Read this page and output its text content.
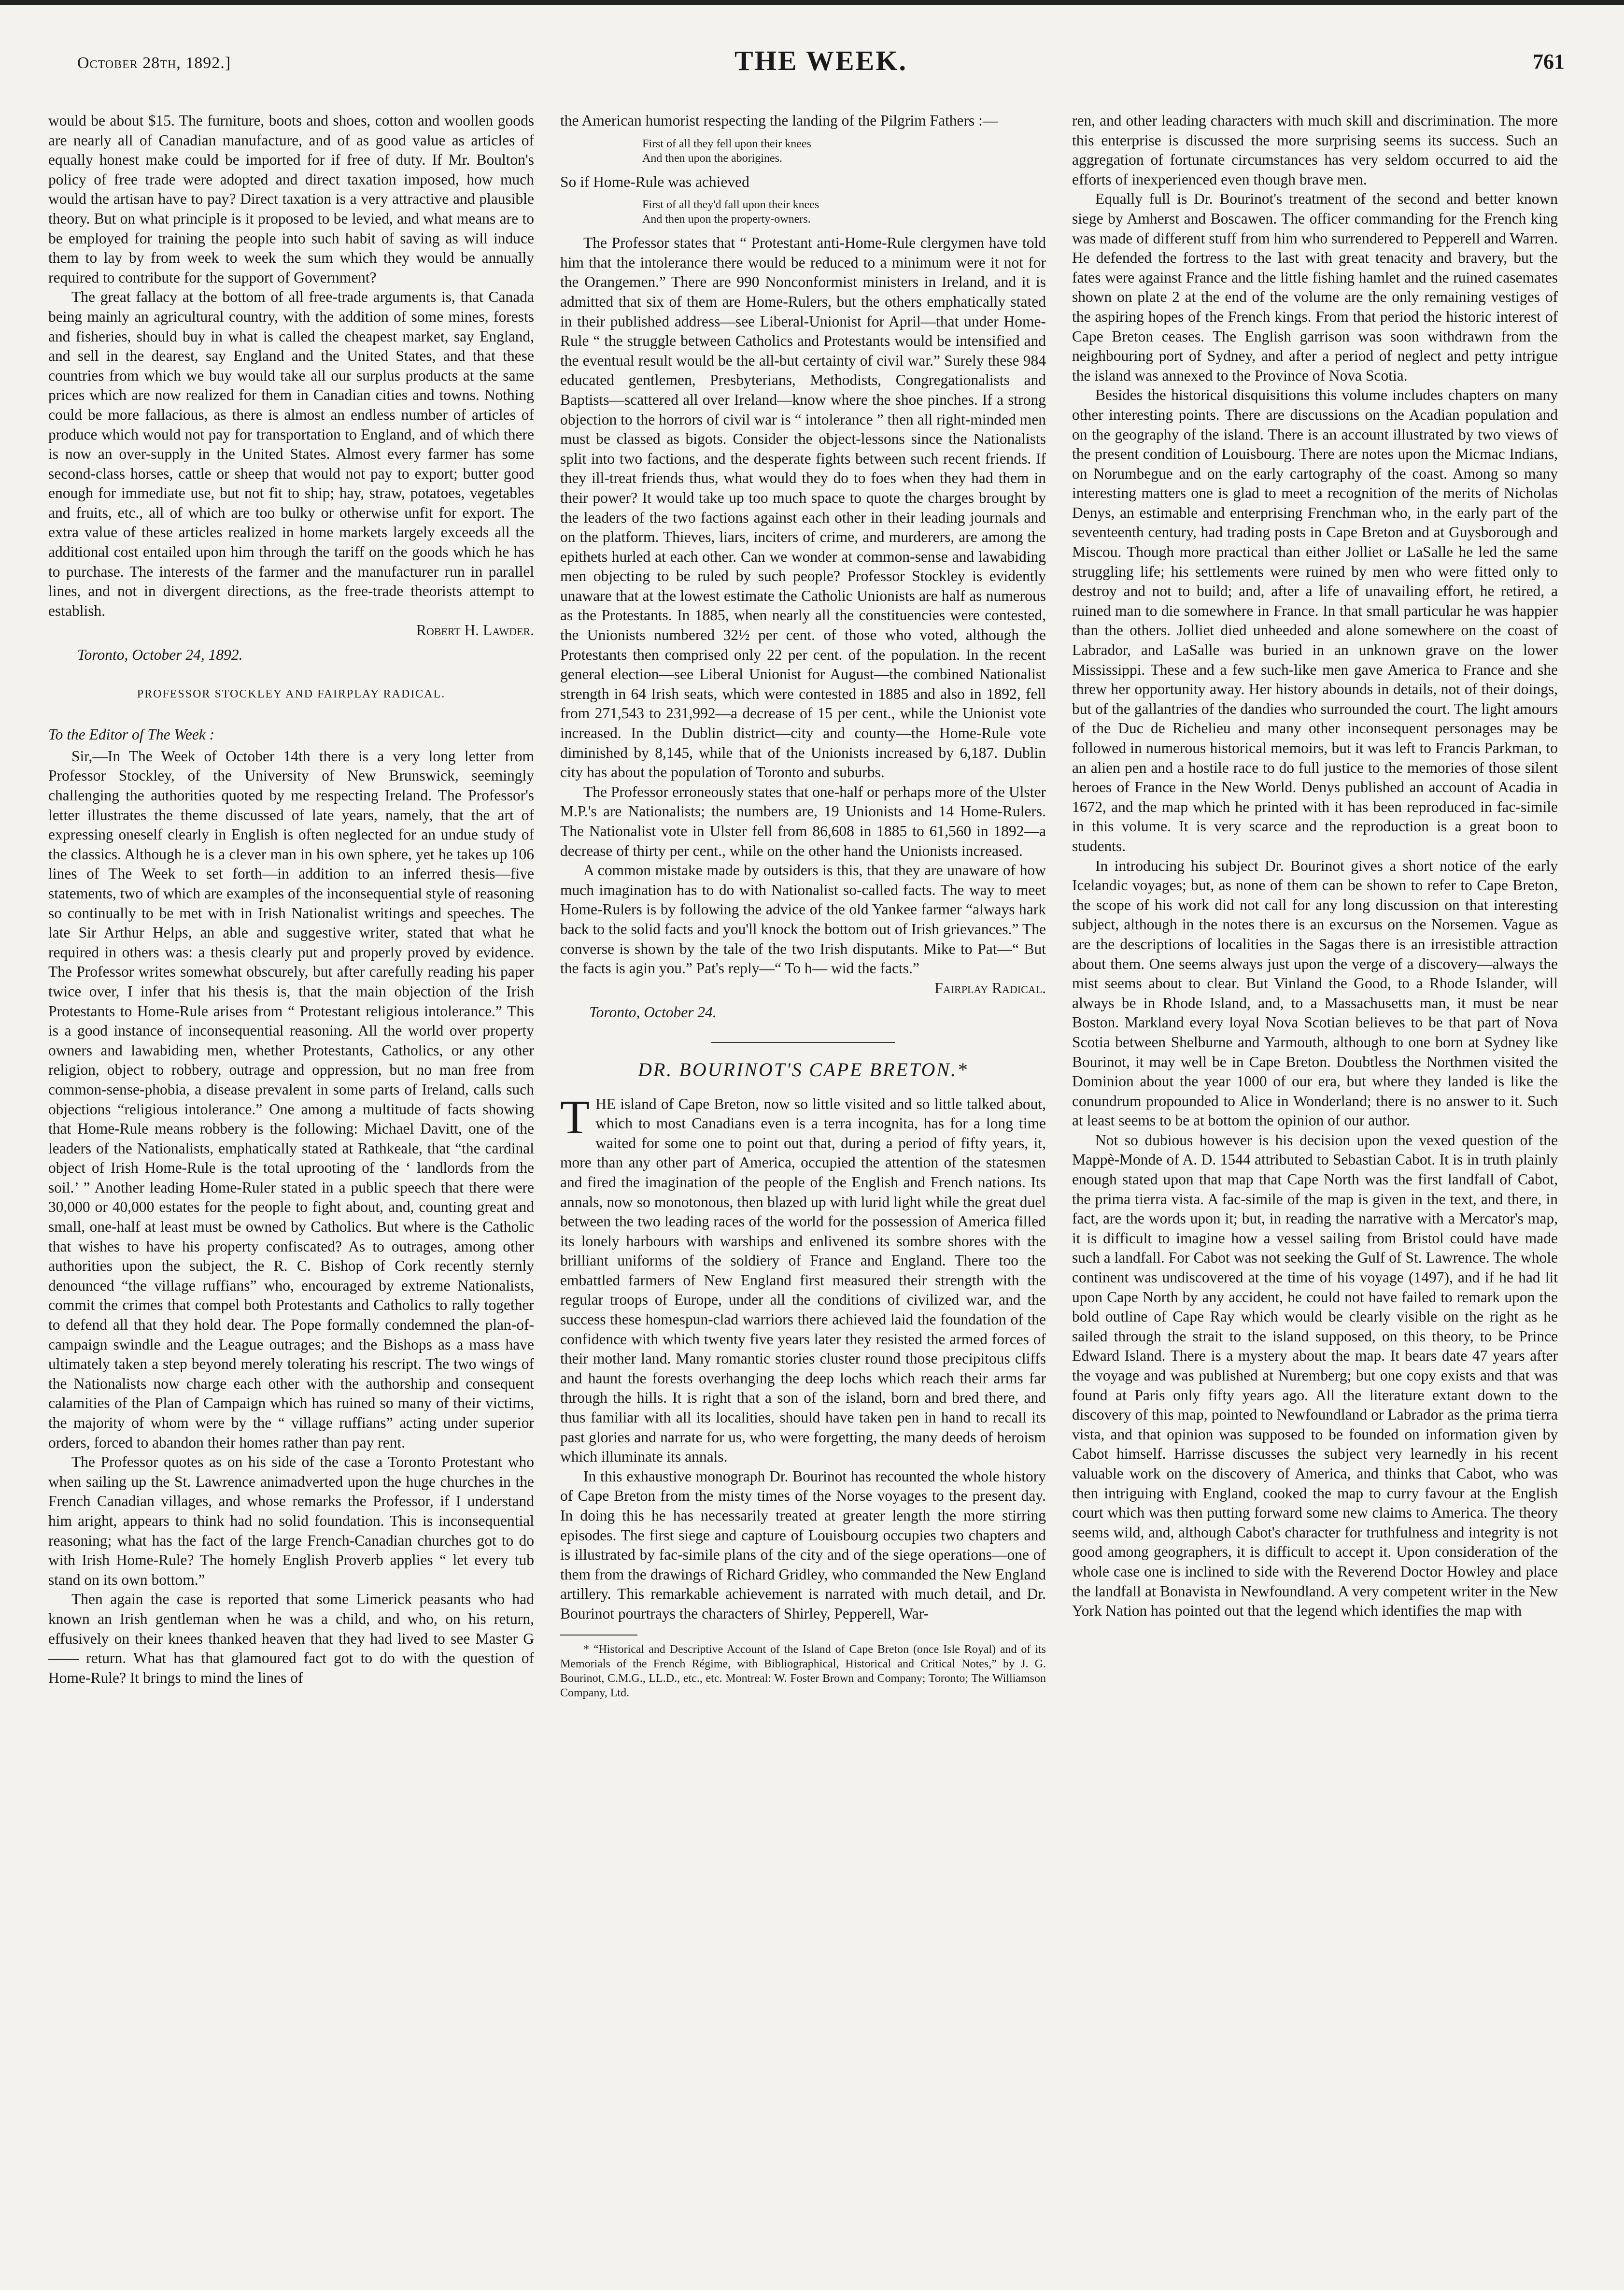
October 28th, 1892.]	THE WEEK.	761

would be about $15. The furniture, boots and shoes, cotton and woollen goods are nearly all of Canadian manufacture, and of as good value as articles of equally honest make could be imported for if free of duty. If Mr. Boulton's policy of free trade were adopted and direct taxation imposed, how much would the artisan have to pay? Direct taxation is a very attractive and plausible theory. But on what principle is it proposed to be levied, and what means are to be employed for training the people into such habit of saving as will induce them to lay by from week to week the sum which they would be annually required to contribute for the support of Government?

The great fallacy at the bottom of all free-trade arguments is, that Canada being mainly an agricultural country, with the addition of some mines, forests and fisheries, should buy in what is called the cheapest market, say England, and sell in the dearest, say England and the United States, and that these countries from which we buy would take all our surplus products at the same prices which are now realized for them in Canadian cities and towns. Nothing could be more fallacious, as there is almost an endless number of articles of produce which would not pay for transportation to England, and of which there is now an over-supply in the United States. Almost every farmer has some second-class horses, cattle or sheep that would not pay to export; butter good enough for immediate use, but not fit to ship; hay, straw, potatoes, vegetables and fruits, etc., all of which are too bulky or otherwise unfit for export. The extra value of these articles realized in home markets largely exceeds all the additional cost entailed upon him through the tariff on the goods which he has to purchase. The interests of the farmer and the manufacturer run in parallel lines, and not in divergent directions, as the free-trade theorists attempt to establish.

Robert H. Lawder.

Toronto, October 24, 1892.

PROFESSOR STOCKLEY AND FAIRPLAY RADICAL.

To the Editor of The Week :

Sir,—In The Week of October 14th there is a very long letter from Professor Stockley, of the University of New Brunswick, seemingly challenging the authorities quoted by me respecting Ireland. The Professor's letter illustrates the theme discussed of late years, namely, that the art of expressing oneself clearly in English is often neglected for an undue study of the classics. Although he is a clever man in his own sphere, yet he takes up 106 lines of The Week to set forth—in addition to an inferred thesis—five statements, two of which are examples of the inconsequential style of reasoning so continually to be met with in Irish Nationalist writings and speeches. The late Sir Arthur Helps, an able and suggestive writer, stated that what he required in others was: a thesis clearly put and properly proved by evidence. The Professor writes somewhat obscurely, but after carefully reading his paper twice over, I infer that his thesis is, that the main objection of the Irish Protestants to Home-Rule arises from “ Protestant religious intolerance.” This is a good instance of inconsequential reasoning. All the world over property owners and lawabiding men, whether Protestants, Catholics, or any other religion, object to robbery, outrage and oppression, but no man free from common-sense-phobia, a disease prevalent in some parts of Ireland, calls such objections “religious intolerance.” One among a multitude of facts showing that Home-Rule means robbery is the following: Michael Davitt, one of the leaders of the Nationalists, emphatically stated at Rathkeale, that “the cardinal object of Irish Home-Rule is the total uprooting of the ‘ landlords from the soil.’ ” Another leading Home-Ruler stated in a public speech that there were 30,000 or 40,000 estates for the people to fight about, and, counting great and small, one-half at least must be owned by Catholics. But where is the Catholic that wishes to have his property confiscated? As to outrages, among other authorities upon the subject, the R. C. Bishop of Cork recently sternly denounced “the village ruffians” who, encouraged by extreme Nationalists, commit the crimes that compel both Protestants and Catholics to rally together to defend all that they hold dear. The Pope formally condemned the plan-of-campaign swindle and the League outrages; and the Bishops as a mass have ultimately taken a step beyond merely tolerating his rescript. The two wings of the Nationalists now charge each other with the authorship and consequent calamities of the Plan of Campaign which has ruined so many of their victims, the majority of whom were by the “ village ruffians” acting under superior orders, forced to abandon their homes rather than pay rent.

The Professor quotes as on his side of the case a Toronto Protestant who when sailing up the St. Lawrence animadverted upon the huge churches in the French Canadian villages, and whose remarks the Professor, if I understand him aright, appears to think had no solid foundation. This is inconsequential reasoning; what has the fact of the large French-Canadian churches got to do with Irish Home-Rule? The homely English Proverb applies “ let every tub stand on its own bottom.”

Then again the case is reported that some Limerick peasants who had known an Irish gentleman when he was a child, and who, on his return, effusively on their knees thanked heaven that they had lived to see Master G—— return. What has that glamoured fact got to do with the question of Home-Rule? It brings to mind the lines of

the American humorist respecting the landing of the Pilgrim Fathers :—

First of all they fell upon their knees
And then upon the aborigines.

So if Home-Rule was achieved

First of all they'd fall upon their knees
And then upon the property-owners.

The Professor states that “ Protestant anti-Home-Rule clergymen have told him that the intolerance there would be reduced to a minimum were it not for the Orangemen.” There are 990 Nonconformist ministers in Ireland, and it is admitted that six of them are Home-Rulers, but the others emphatically stated in their published address—see Liberal-Unionist for April—that under Home-Rule “ the struggle between Catholics and Protestants would be intensified and the eventual result would be the all-but certainty of civil war.” Surely these 984 educated gentlemen, Presbyterians, Methodists, Congregationalists and Baptists—scattered all over Ireland—know where the shoe pinches. If a strong objection to the horrors of civil war is “ intolerance ” then all right-minded men must be classed as bigots. Consider the object-lessons since the Nationalists split into two factions, and the desperate fights between such recent friends. If they ill-treat friends thus, what would they do to foes when they had them in their power? It would take up too much space to quote the charges brought by the leaders of the two factions against each other in their leading journals and on the platform. Thieves, liars, inciters of crime, and murderers, are among the epithets hurled at each other. Can we wonder at common-sense and lawabiding men objecting to be ruled by such people? Professor Stockley is evidently unaware that at the lowest estimate the Catholic Unionists are half as numerous as the Protestants. In 1885, when nearly all the constituencies were contested, the Unionists numbered 32½ per cent. of those who voted, although the Protestants then comprised only 22 per cent. of the population. In the recent general election—see Liberal Unionist for August—the combined Nationalist strength in 64 Irish seats, which were contested in 1885 and also in 1892, fell from 271,543 to 231,992—a decrease of 15 per cent., while the Unionist vote increased. In the Dublin district—city and county—the Home-Rule vote diminished by 8,145, while that of the Unionists increased by 6,187. Dublin city has about the population of Toronto and suburbs.

The Professor erroneously states that one-half or perhaps more of the Ulster M.P.'s are Nationalists; the numbers are, 19 Unionists and 14 Home-Rulers. The Nationalist vote in Ulster fell from 86,608 in 1885 to 61,560 in 1892—a decrease of thirty per cent., while on the other hand the Unionists increased.

A common mistake made by outsiders is this, that they are unaware of how much imagination has to do with Nationalist so-called facts. The way to meet Home-Rulers is by following the advice of the old Yankee farmer “always hark back to the solid facts and you'll knock the bottom out of Irish grievances.” The converse is shown by the tale of the two Irish disputants. Mike to Pat—“ But the facts is agin you.” Pat's reply—“ To h— wid the facts.”

Fairplay Radical.

Toronto, October 24.

DR. BOURINOT'S CAPE BRETON.*

THE island of Cape Breton, now so little visited and so little talked about, which to most Canadians even is a terra incognita, has for a long time waited for some one to point out that, during a period of fifty years, it, more than any other part of America, occupied the attention of the statesmen and fired the imagination of the people of the English and French nations. Its annals, now so monotonous, then blazed up with lurid light while the great duel between the two leading races of the world for the possession of America filled its lonely harbours with warships and enlivened its sombre shores with the brilliant uniforms of the soldiery of France and England. There too the embattled farmers of New England first measured their strength with the regular troops of Europe, under all the conditions of civilized war, and the success these homespun-clad warriors there achieved laid the foundation of the confidence with which twenty five years later they resisted the armed forces of their mother land. Many romantic stories cluster round those precipitous cliffs and haunt the forests overhanging the deep lochs which reach their arms far through the hills. It is right that a son of the island, born and bred there, and thus familiar with all its localities, should have taken pen in hand to recall its past glories and narrate for us, who were forgetting, the many deeds of heroism which illuminate its annals.

In this exhaustive monograph Dr. Bourinot has recounted the whole history of Cape Breton from the misty times of the Norse voyages to the present day. In doing this he has necessarily treated at greater length the more stirring episodes. The first siege and capture of Louisbourg occupies two chapters and is illustrated by fac-simile plans of the city and of the siege operations—one of them from the drawings of Richard Gridley, who commanded the New England artillery. This remarkable achievement is narrated with much detail, and Dr. Bourinot pourtrays the characters of Shirley, Pepperell, War-

* “Historical and Descriptive Account of the Island of Cape Breton (once Isle Royal) and of its Memorials of the French Régime, with Bibliographical, Historical and Critical Notes,” by J. G. Bourinot, C.M.G., LL.D., etc., etc. Montreal: W. Foster Brown and Company; Toronto; The Williamson Company, Ltd.

ren, and other leading characters with much skill and discrimination. The more this enterprise is discussed the more surprising seems its success. Such an aggregation of fortunate circumstances has very seldom occurred to aid the efforts of inexperienced even though brave men.

Equally full is Dr. Bourinot's treatment of the second and better known siege by Amherst and Boscawen. The officer commanding for the French king was made of different stuff from him who surrendered to Pepperell and Warren. He defended the fortress to the last with great tenacity and bravery, but the fates were against France and the little fishing hamlet and the ruined casemates shown on plate 2 at the end of the volume are the only remaining vestiges of the aspiring hopes of the French kings. From that period the historic interest of Cape Breton ceases. The English garrison was soon withdrawn from the neighbouring port of Sydney, and after a period of neglect and petty intrigue the island was annexed to the Province of Nova Scotia.

Besides the historical disquisitions this volume includes chapters on many other interesting points. There are discussions on the Acadian population and on the geography of the island. There is an account illustrated by two views of the present condition of Louisbourg. There are notes upon the Micmac Indians, on Norumbegue and on the early cartography of the coast. Among so many interesting matters one is glad to meet a recognition of the merits of Nicholas Denys, an estimable and enterprising Frenchman who, in the early part of the seventeenth century, had trading posts in Cape Breton and at Guysborough and Miscou. Though more practical than either Jolliet or LaSalle he led the same struggling life; his settlements were ruined by men who were fitted only to destroy and not to build; and, after a life of unavailing effort, he retired, a ruined man to die somewhere in France. In that small particular he was happier than the others. Jolliet died unheeded and alone somewhere on the coast of Labrador, and LaSalle was buried in an unknown grave on the lower Mississippi. These and a few such-like men gave America to France and she threw her opportunity away. Her history abounds in details, not of their doings, but of the gallantries of the dandies who surrounded the court. The light amours of the Duc de Richelieu and many other inconsequent personages may be followed in numerous historical memoirs, but it was left to Francis Parkman, to an alien pen and a hostile race to do full justice to the memories of those silent heroes of France in the New World. Denys published an account of Acadia in 1672, and the map which he printed with it has been reproduced in fac-simile in this volume. It is very scarce and the reproduction is a great boon to students.

In introducing his subject Dr. Bourinot gives a short notice of the early Icelandic voyages; but, as none of them can be shown to refer to Cape Breton, the scope of his work did not call for any long discussion on that interesting subject, although in the notes there is an excursus on the Norsemen. Vague as are the descriptions of localities in the Sagas there is an irresistible attraction about them. One seems always just upon the verge of a discovery—always the mist seems about to clear. But Vinland the Good, to a Rhode Islander, will always be in Rhode Island, and, to a Massachusetts man, it must be near Boston. Markland every loyal Nova Scotian believes to be that part of Nova Scotia between Shelburne and Yarmouth, although to one born at Sydney like Bourinot, it may well be in Cape Breton. Doubtless the Northmen visited the Dominion about the year 1000 of our era, but where they landed is like the conundrum propounded to Alice in Wonderland; there is no answer to it. Such at least seems to be at bottom the opinion of our author.

Not so dubious however is his decision upon the vexed question of the Mappè-Monde of A. D. 1544 attributed to Sebastian Cabot. It is in truth plainly enough stated upon that map that Cape North was the first landfall of Cabot, the prima tierra vista. A fac-simile of the map is given in the text, and there, in fact, are the words upon it; but, in reading the narrative with a Mercator's map, it is difficult to imagine how a vessel sailing from Bristol could have made such a landfall. For Cabot was not seeking the Gulf of St. Lawrence. The whole continent was undiscovered at the time of his voyage (1497), and if he had lit upon Cape North by any accident, he could not have failed to remark upon the bold outline of Cape Ray which would be clearly visible on the right as he sailed through the strait to the island supposed, on this theory, to be Prince Edward Island. There is a mystery about the map. It bears date 47 years after the voyage and was published at Nuremberg; but one copy exists and that was found at Paris only fifty years ago. All the literature extant down to the discovery of this map, pointed to Newfoundland or Labrador as the prima tierra vista, and that opinion was supposed to be founded on information given by Cabot himself. Harrisse discusses the subject very learnedly in his recent valuable work on the discovery of America, and thinks that Cabot, who was then intriguing with England, cooked the map to curry favour at the English court which was then putting forward some new claims to America. The theory seems wild, and, although Cabot's character for truthfulness and integrity is not good among geographers, it is difficult to accept it. Upon consideration of the whole case one is inclined to side with the Reverend Doctor Howley and place the landfall at Bonavista in Newfoundland. A very competent writer in the New York Nation has pointed out that the legend which identifies the map with
